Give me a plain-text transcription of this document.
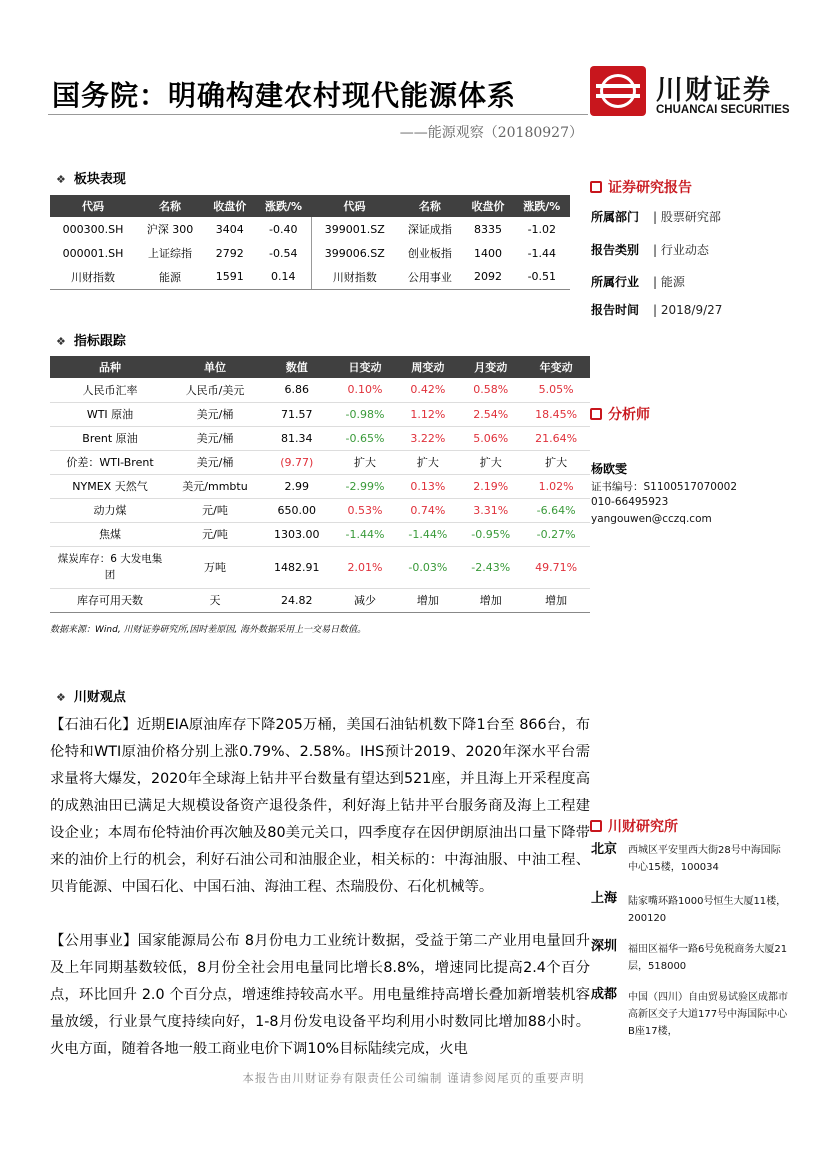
国务院：明确构建农村现代能源体系
——能源观察（20180927）
川财证券
CHUANCAI SECURITIES
❖ 板块表现
代码	名称	收盘价	涨跌/%	代码	名称	收盘价	涨跌/%
000300.SH	沪深 300	3404	-0.40	399001.SZ	深证成指	8335	-1.02
000001.SH	上证综指	2792	-0.54	399006.SZ	创业板指	1400	-1.44
川财指数	能源	1591	0.14	川财指数	公用事业	2092	-0.51
❖ 指标跟踪
品种	单位	数值	日变动	周变动	月变动	年变动
人民币汇率	人民币/美元	6.86	0.10%	0.42%	0.58%	5.05%
WTI 原油	美元/桶	71.57	-0.98%	1.12%	2.54%	18.45%
Brent 原油	美元/桶	81.34	-0.65%	3.22%	5.06%	21.64%
价差：WTI-Brent	美元/桶	(9.77)	扩大	扩大	扩大	扩大
NYMEX 天然气	美元/mmbtu	2.99	-2.99%	0.13%	2.19%	1.02%
动力煤	元/吨	650.00	0.53%	0.74%	3.31%	-6.64%
焦煤	元/吨	1303.00	-1.44%	-1.44%	-0.95%	-0.27%
煤炭库存：6 大发电集团	万吨	1482.91	2.01%	-0.03%	-2.43%	49.71%
库存可用天数	天	24.82	减少	增加	增加	增加
数据来源：Wind, 川财证券研究所,因时差原因, 海外数据采用上一交易日数值。
❖ 川财观点
【石油石化】近期EIA原油库存下降205万桶，美国石油钻机数下降1台至 866台，布伦特和WTI原油价格分别上涨0.79%、2.58%。IHS预计2019、2020年深水平台需求量将大爆发，2020年全球海上钻井平台数量有望达到521座，并且海上开采程度高的成熟油田已满足大规模设备资产退役条件，利好海上钻井平台服务商及海上工程建设企业；本周布伦特油价再次触及80美元关口，四季度存在因伊朗原油出口量下降带来的油价上行的机会，利好石油公司和油服企业，相关标的：中海油服、中油工程、贝肯能源、中国石化、中国石油、海油工程、杰瑞股份、石化机械等。
【公用事业】国家能源局公布 8月份电力工业统计数据，受益于第二产业用电量回升及上年同期基数较低，8月份全社会用电量同比增长8.8%，增速同比提高2.4个百分点，环比回升 2.0 个百分点，增速维持较高水平。用电量维持高增长叠加新增装机容量放缓，行业景气度持续向好，1-8月份发电设备平均利用小时数同比增加88小时。火电方面，随着各地一般工商业电价下调10%目标陆续完成，火电
证券研究报告
所属部门 | 股票研究部
报告类别 | 行业动态
所属行业 | 能源
报告时间 | 2018/9/27
分析师
杨欧雯
证书编号：S1100517070002
010-66495923
yangouwen@cczq.com
川财研究所
北京 西城区平安里西大街28号中海国际中心15楼，100034
上海 陆家嘴环路1000号恒生大厦11楼，200120
深圳 福田区福华一路6号免税商务大厦21层，518000
成都 中国（四川）自由贸易试验区成都市高新区交子大道177号中海国际中心B座17楼，
本报告由川财证券有限责任公司编制 谨请参阅尾页的重要声明
